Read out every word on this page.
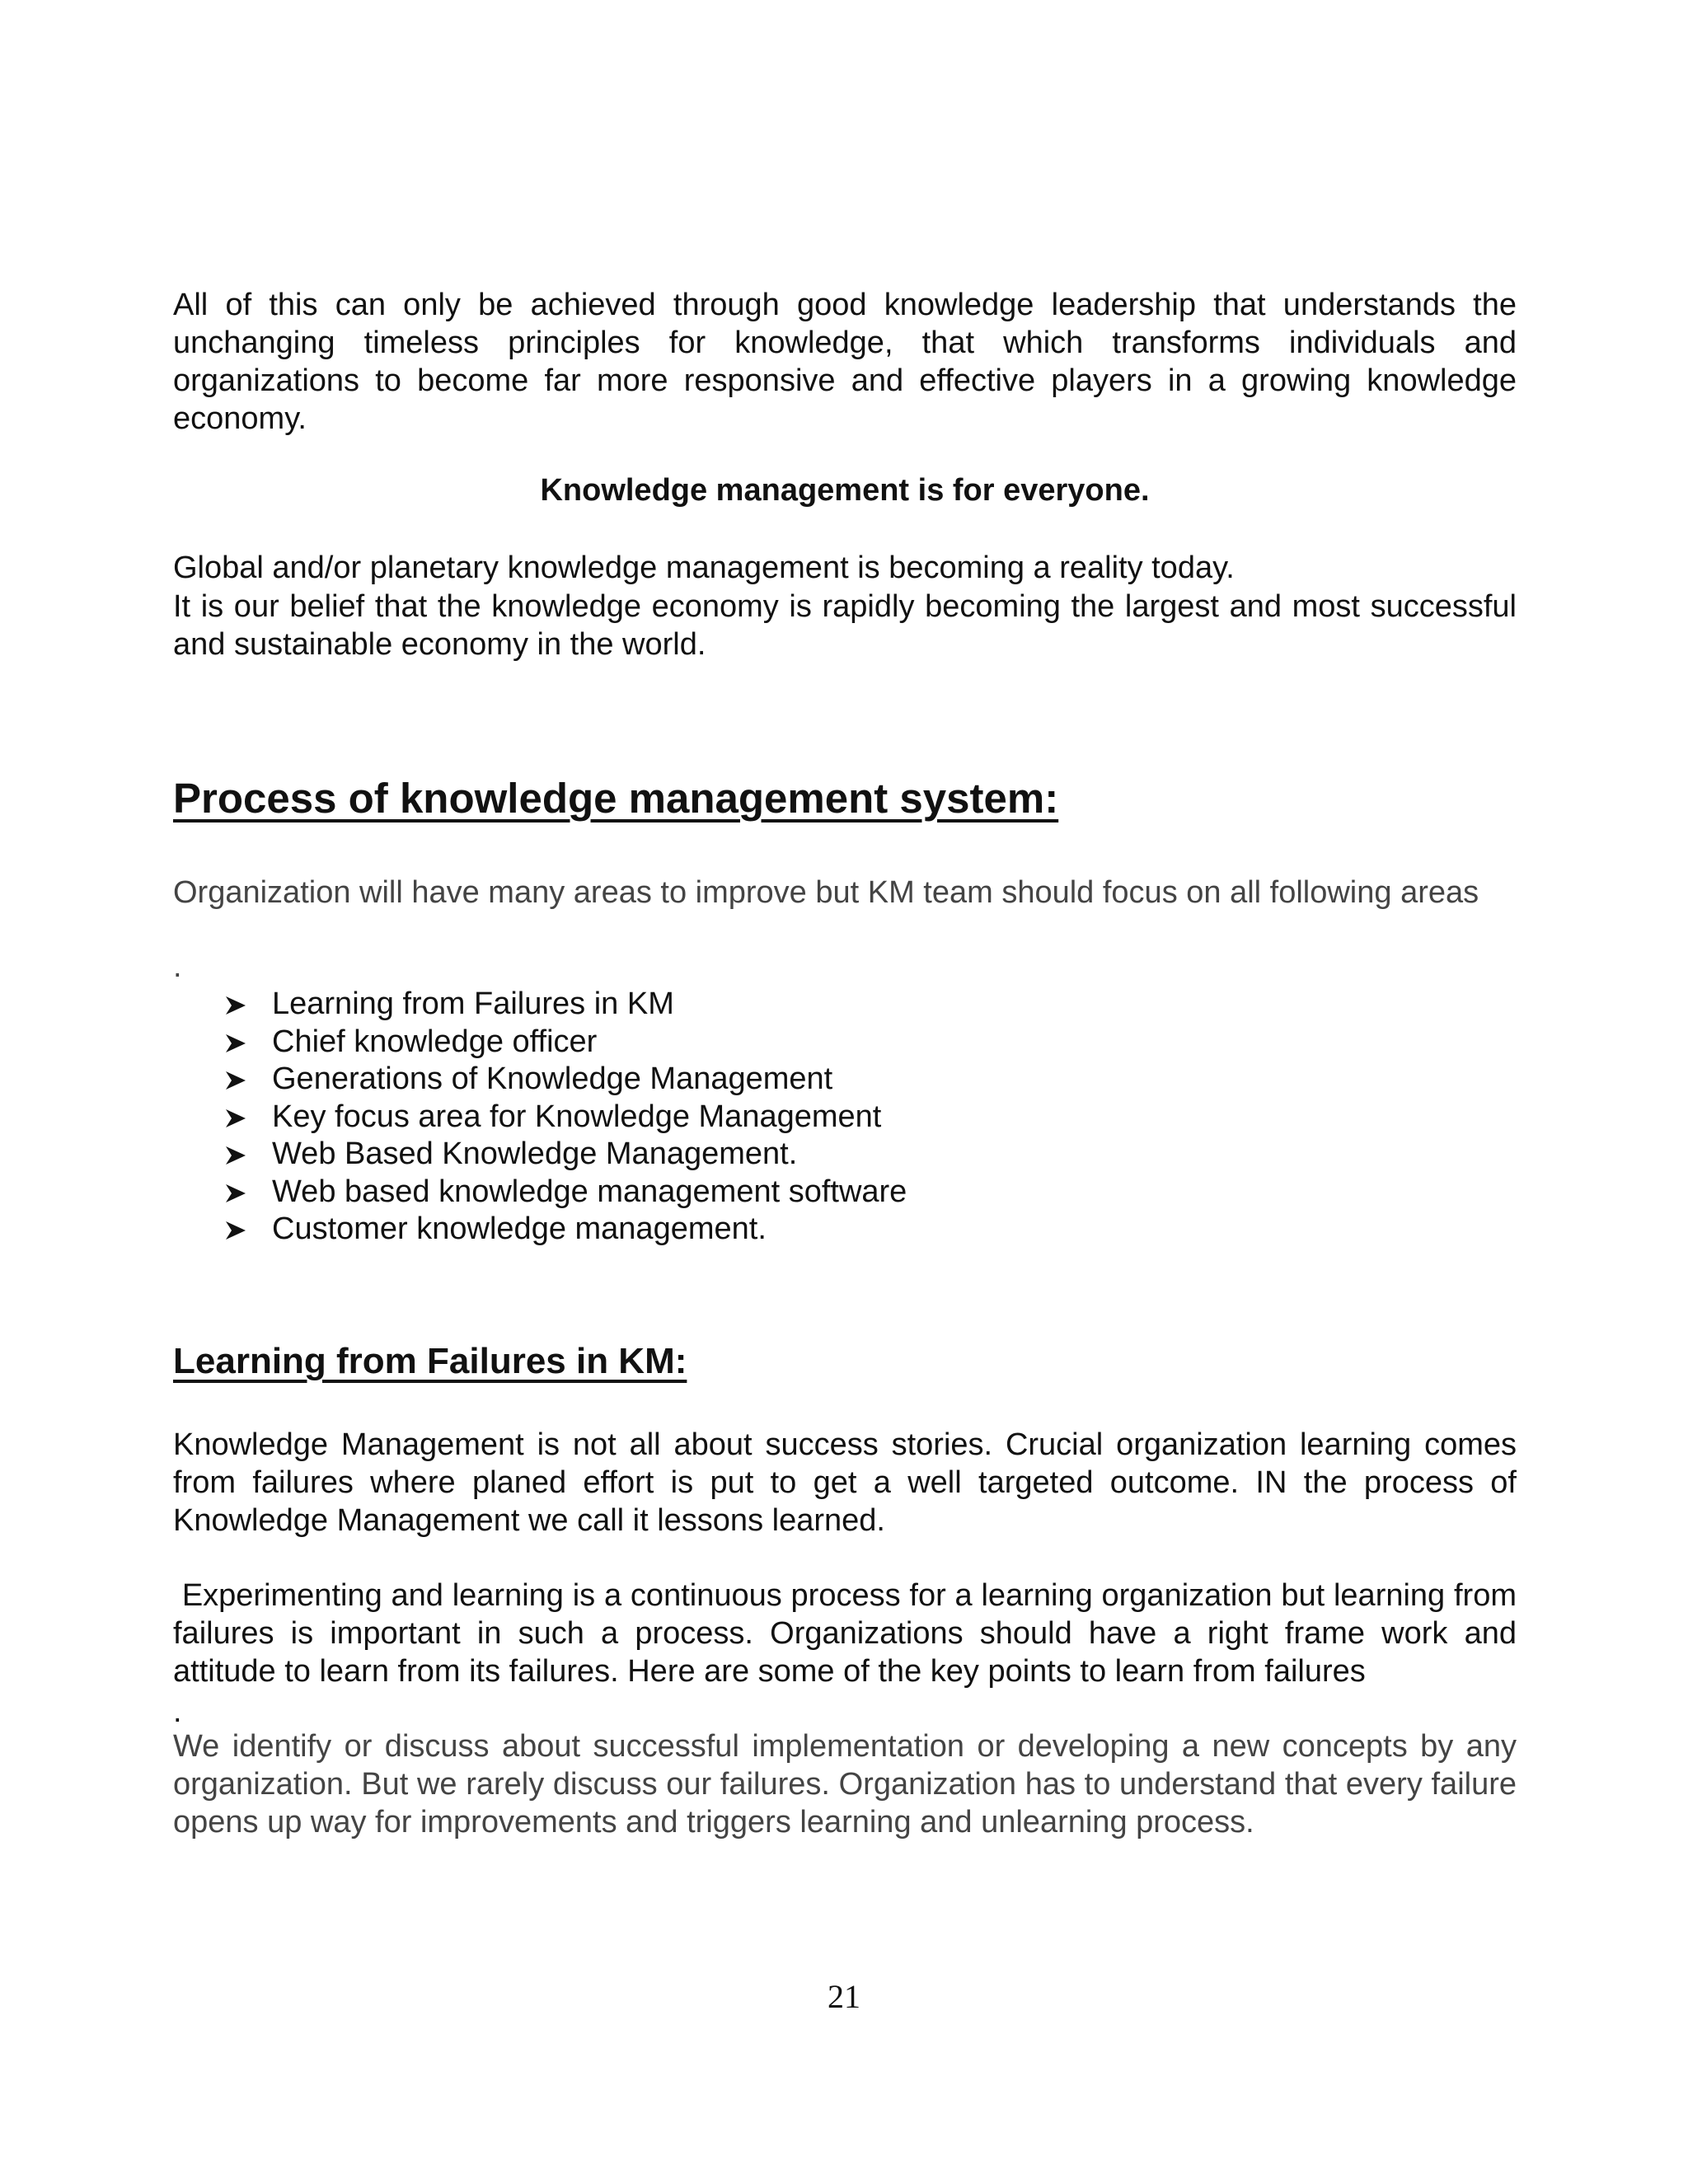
All of this can only be achieved through good knowledge leadership that understands the unchanging timeless principles for knowledge, that which transforms individuals and organizations to become far more responsive and effective players in a growing knowledge economy.

Knowledge management is for everyone.

Global and/or planetary knowledge management is becoming a reality today.

It is our belief that the knowledge economy is rapidly becoming the largest and most successful and sustainable economy in the world.

Process of knowledge management system:

Organization will have many areas to improve but KM team should focus on all following areas

.
Learning from Failures in KM
Chief knowledge officer
Generations of Knowledge Management
Key focus area for Knowledge Management
Web Based Knowledge Management.
Web based knowledge management software
Customer knowledge management.
Learning from Failures in KM:

Knowledge Management is not all about success stories. Crucial organization learning comes from failures where planed effort is put to get a well targeted outcome. IN the process of Knowledge Management we call it lessons learned.

Experimenting and learning is a continuous process for a learning organization but learning from failures is important in such a process. Organizations should have a right frame work and attitude to learn from its failures. Here are some of the key points to learn from failures

.

We identify or discuss about successful implementation or developing a new concepts by any organization. But we rarely discuss our failures. Organization has to understand that every failure opens up way for improvements and triggers learning and unlearning process.

21
